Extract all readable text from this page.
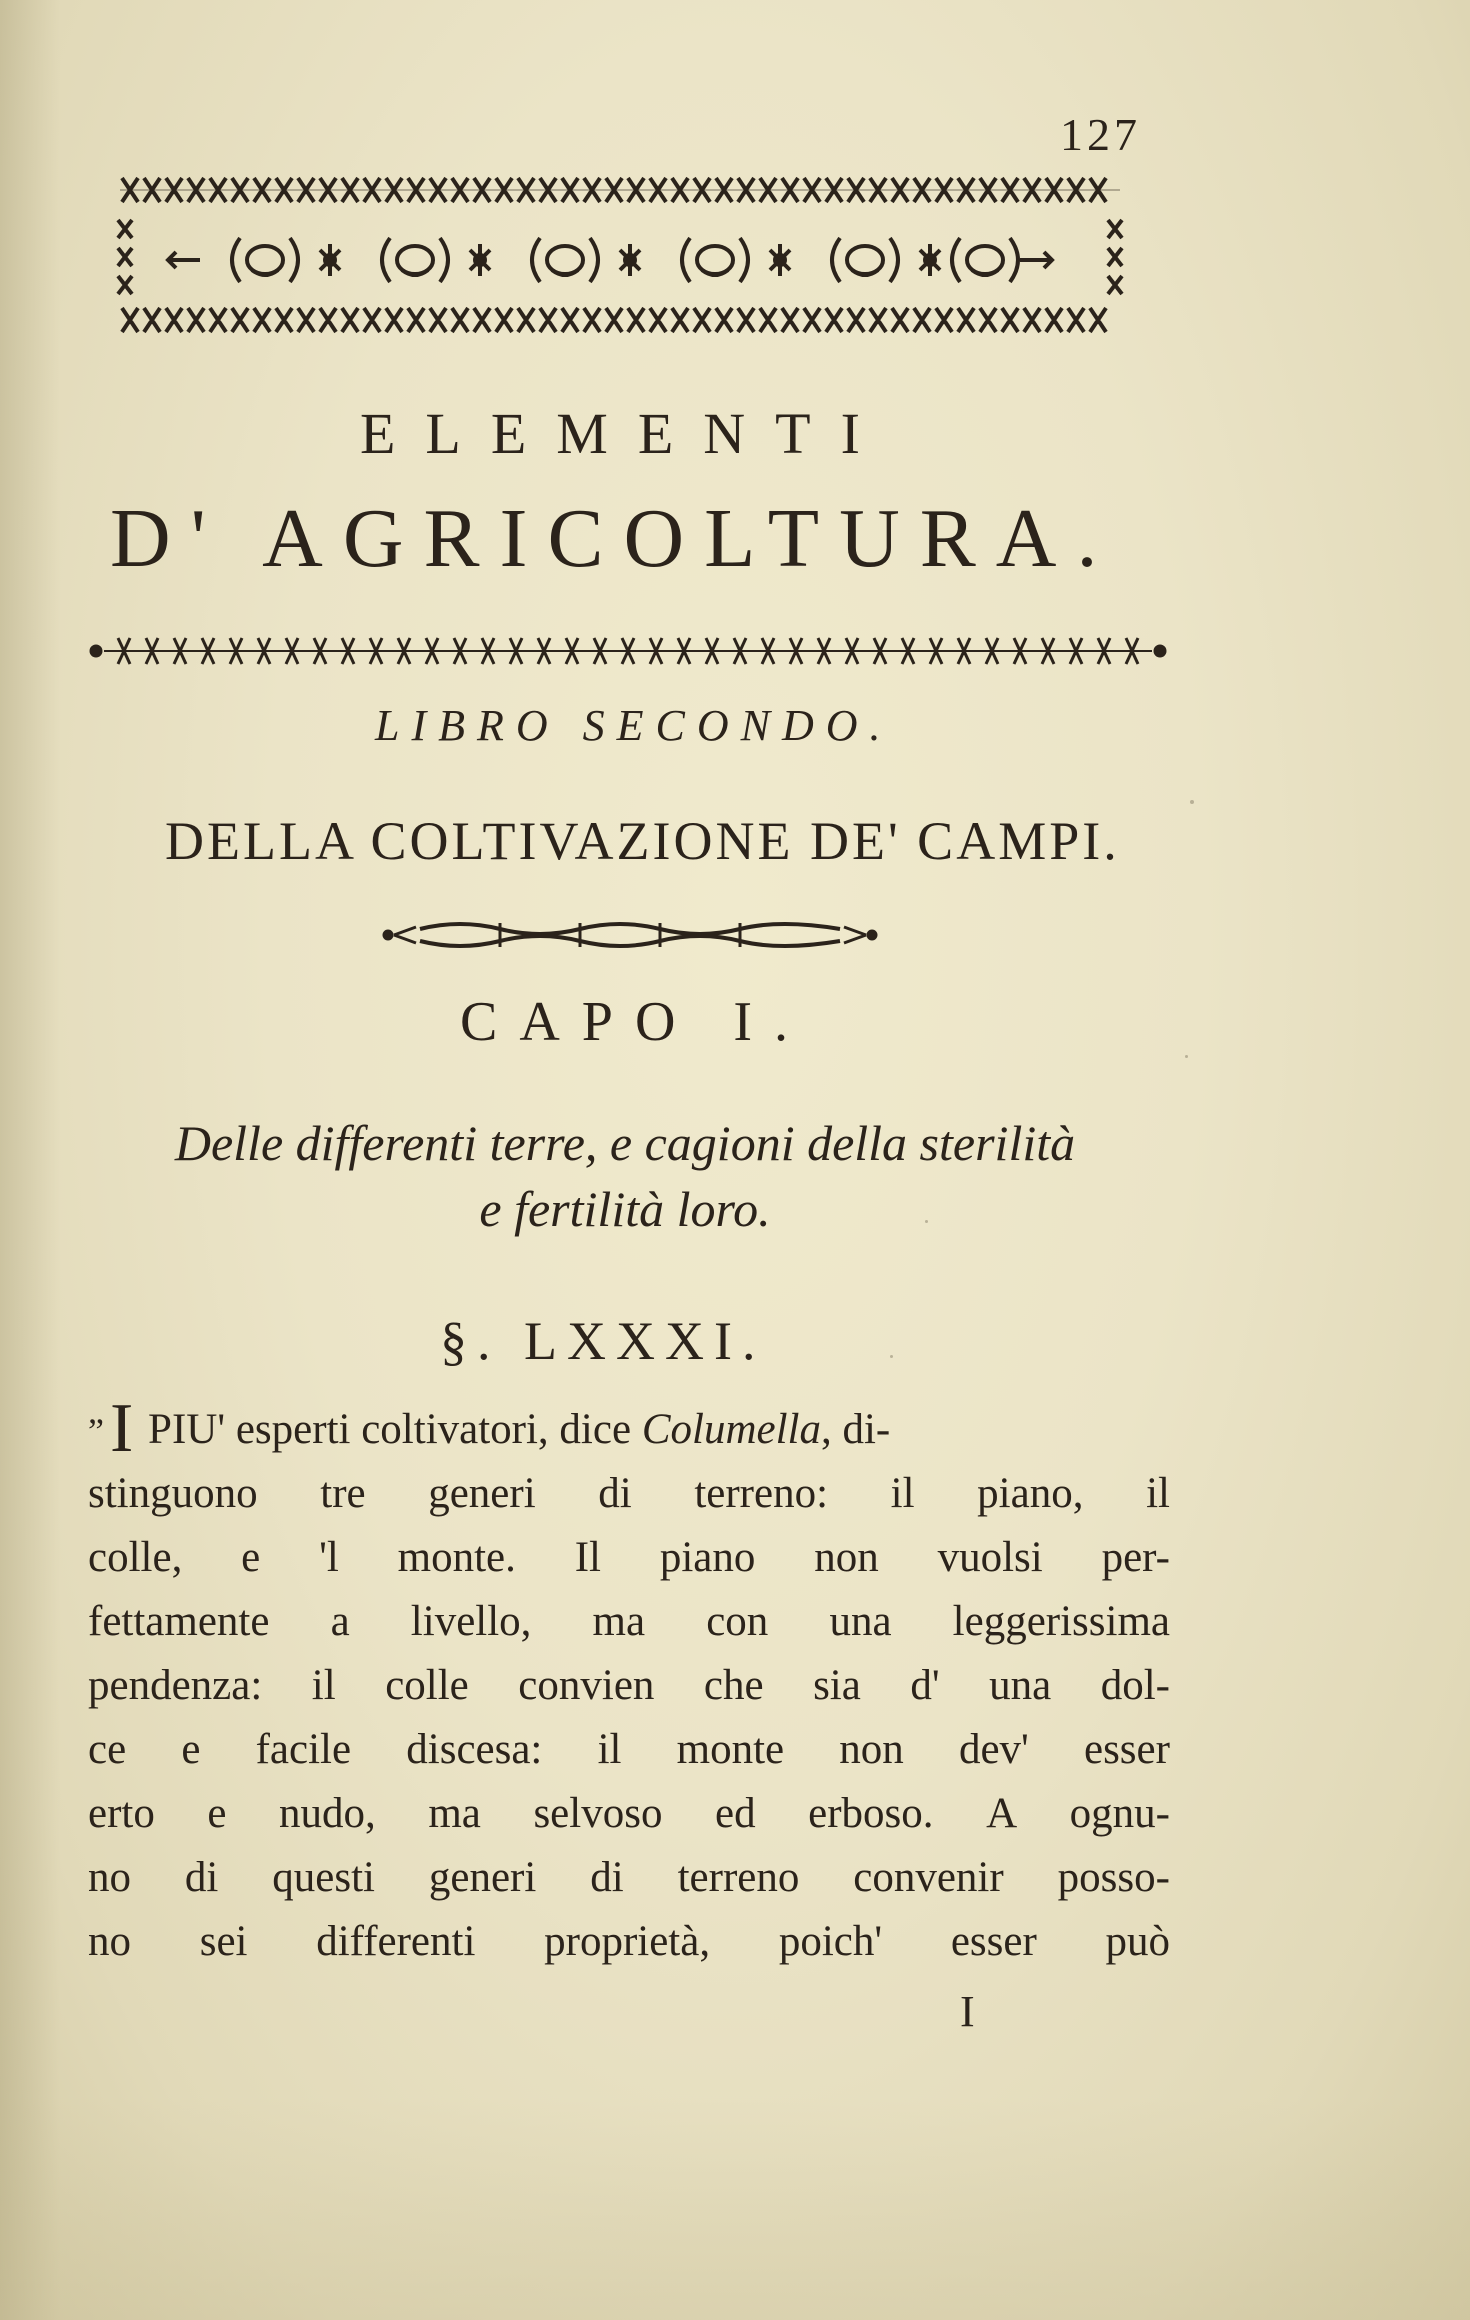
127
ELEMENTI
D' AGRICOLTURA.
LIBRO SECONDO.
DELLA COLTIVAZIONE DE' CAMPI.
CAPO I.
Delle differenti terre, e cagioni della sterilità
e fertilità loro.
§. LXXXI.
”I PIU' esperti coltivatori, dice Columella, di-
stinguono tre generi di terreno: il piano, il
colle, e 'l monte. Il piano non vuolsi per-
fettamente a livello, ma con una leggerissima
pendenza: il colle convien che sia d' una dol-
ce e facile discesa: il monte non dev' esser
erto e nudo, ma selvoso ed erboso. A ognu-
no di questi generi di terreno convenir posso-
no sei differenti proprietà, poich' esser può
I
